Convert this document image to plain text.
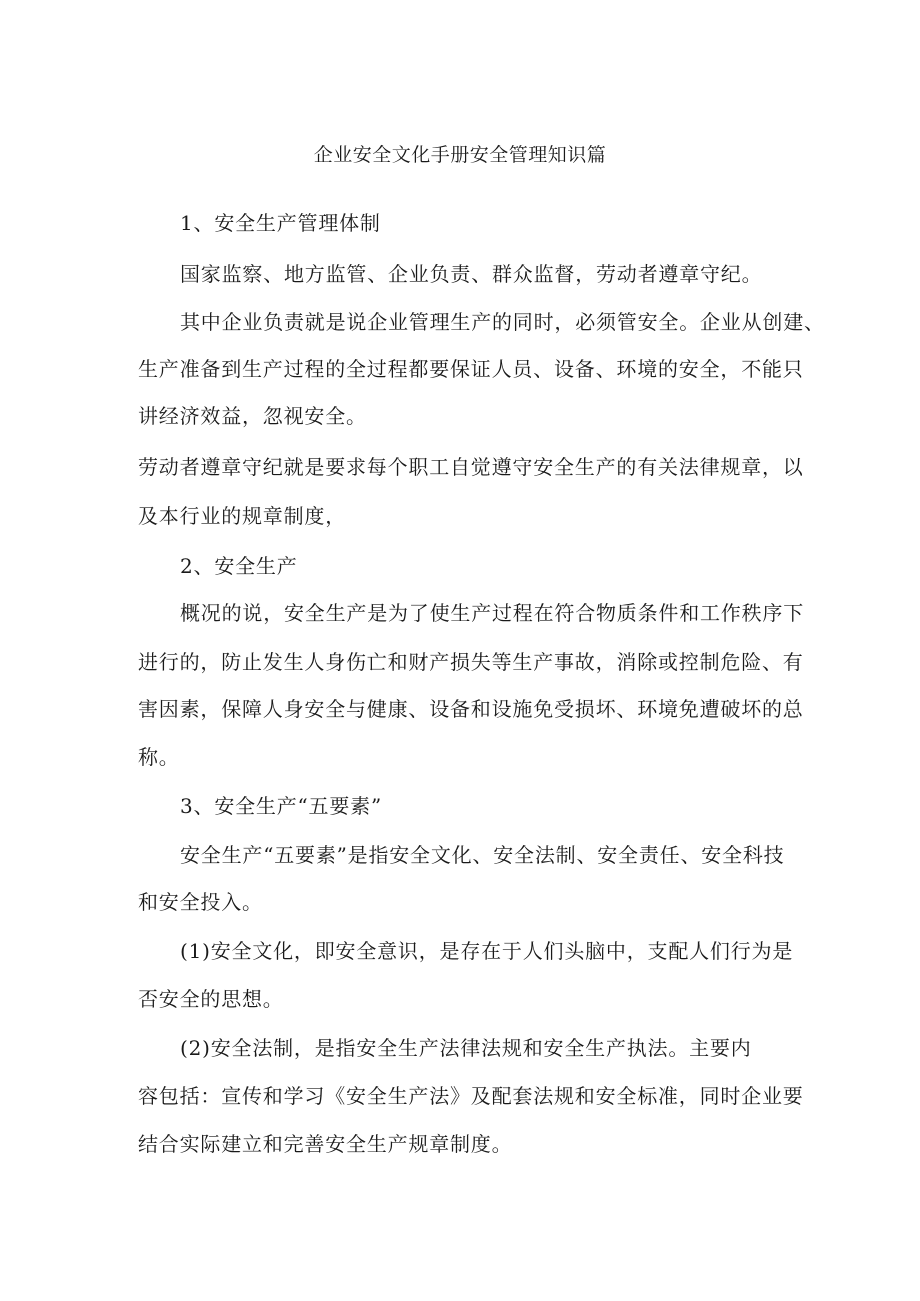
企业安全文化手册安全管理知识篇
1、安全生产管理体制
国家监察、地方监管、企业负责、群众监督，劳动者遵章守纪。
其中企业负责就是说企业管理生产的同时，必须管安全。企业从创建、
生产准备到生产过程的全过程都要保证人员、设备、环境的安全，不能只
讲经济效益，忽视安全。
劳动者遵章守纪就是要求每个职工自觉遵守安全生产的有关法律规章，以
及本行业的规章制度，
2、安全生产
概况的说，安全生产是为了使生产过程在符合物质条件和工作秩序下
进行的，防止发生人身伤亡和财产损失等生产事故，消除或控制危险、有
害因素，保障人身安全与健康、设备和设施免受损坏、环境免遭破坏的总
称。
3、安全生产“五要素”
安全生产“五要素”是指安全文化、安全法制、安全责任、安全科技
和安全投入。
(1)安全文化，即安全意识，是存在于人们头脑中，支配人们行为是
否安全的思想。
(2)安全法制，是指安全生产法律法规和安全生产执法。主要内
容包括：宣传和学习《安全生产法》及配套法规和安全标准，同时企业要
结合实际建立和完善安全生产规章制度。
